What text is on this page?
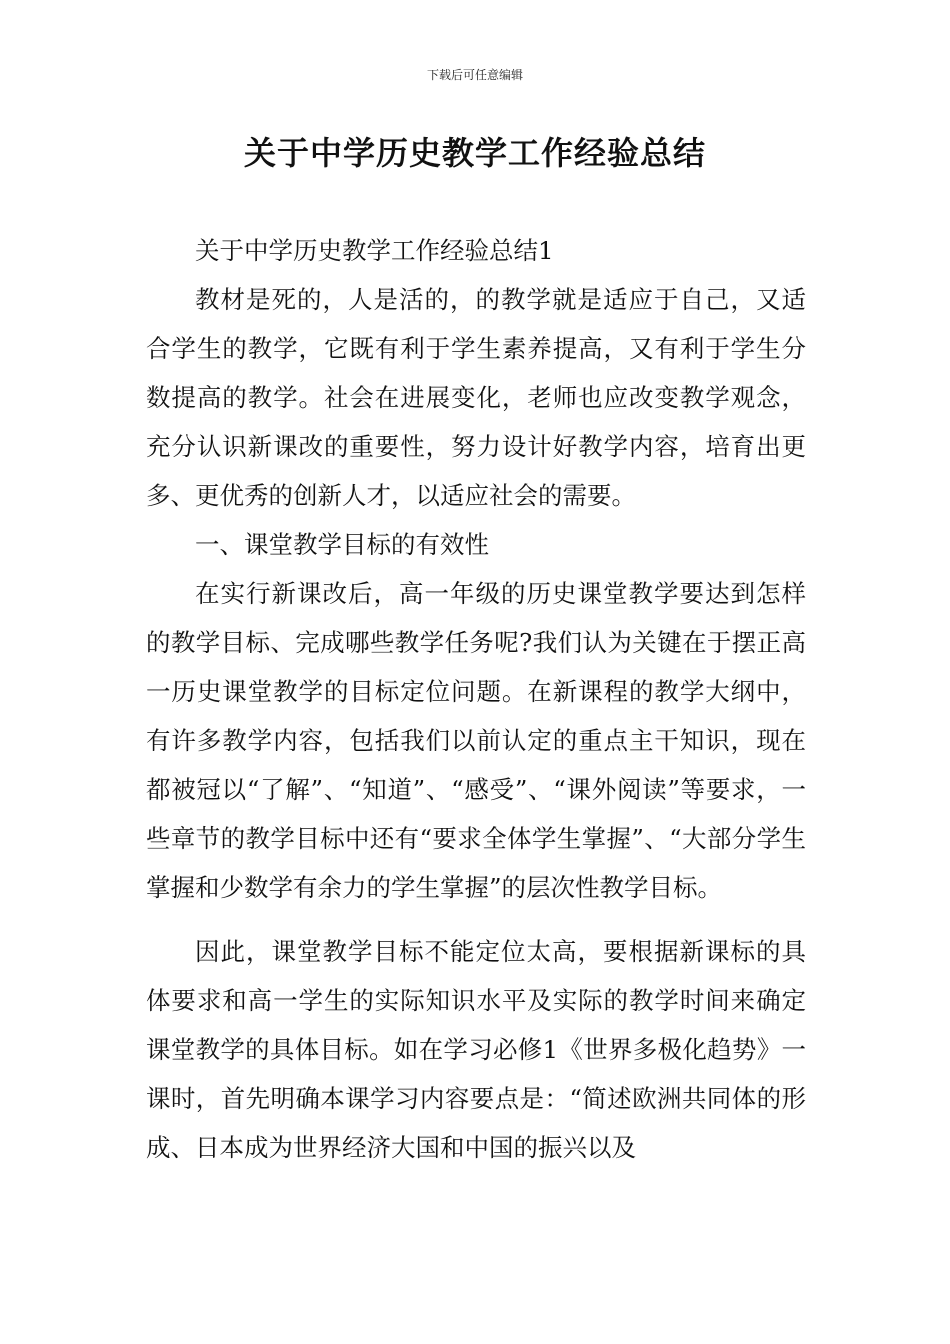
下载后可任意编辑
关于中学历史教学工作经验总结

关于中学历史教学工作经验总结1

教材是死的，人是活的，的教学就是适应于自己，又适合学生的教学，它既有利于学生素养提高，又有利于学生分数提高的教学。社会在进展变化，老师也应改变教学观念，充分认识新课改的重要性，努力设计好教学内容，培育出更多、更优秀的创新人才，以适应社会的需要。

一、课堂教学目标的有效性

在实行新课改后，高一年级的历史课堂教学要达到怎样的教学目标、完成哪些教学任务呢?我们认为关键在于摆正高一历史课堂教学的目标定位问题。在新课程的教学大纲中，有许多教学内容，包括我们以前认定的重点主干知识，现在都被冠以“了解”、“知道”、“感受”、“课外阅读”等要求，一些章节的教学目标中还有“要求全体学生掌握”、“大部分学生掌握和少数学有余力的学生掌握”的层次性教学目标。

因此，课堂教学目标不能定位太高，要根据新课标的具体要求和高一学生的实际知识水平及实际的教学时间来确定课堂教学的具体目标。如在学习必修1《世界多极化趋势》一课时，首先明确本课学习内容要点是：“简述欧洲共同体的形成、日本成为世界经济大国和中国的振兴以及
